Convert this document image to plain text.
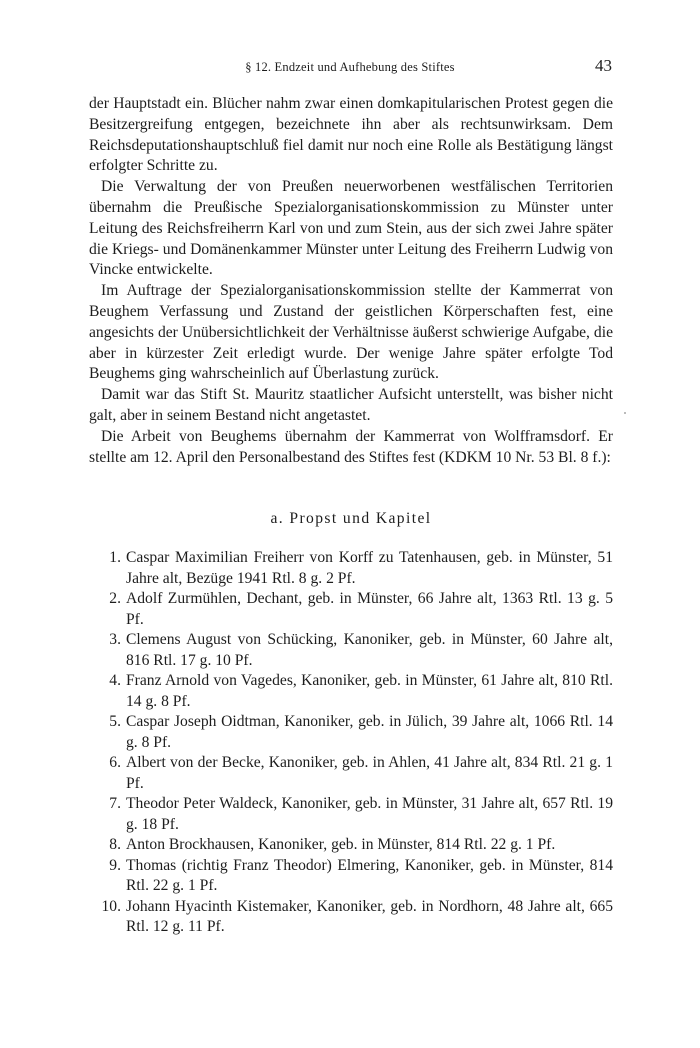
§ 12. Endzeit und Aufhebung des Stiftes	43

der Hauptstadt ein. Blücher nahm zwar einen domkapitularischen Protest gegen die Besitzergreifung entgegen, bezeichnete ihn aber als rechtsunwirksam. Dem Reichsdeputationshauptschluß fiel damit nur noch eine Rolle als Bestätigung längst erfolgter Schritte zu.

Die Verwaltung der von Preußen neuerworbenen westfälischen Territorien übernahm die Preußische Spezialorganisationskommission zu Münster unter Leitung des Reichsfreiherrn Karl von und zum Stein, aus der sich zwei Jahre später die Kriegs- und Domänenkammer Münster unter Leitung des Freiherrn Ludwig von Vincke entwickelte.

Im Auftrage der Spezialorganisationskommission stellte der Kammerrat von Beughem Verfassung und Zustand der geistlichen Körperschaften fest, eine angesichts der Unübersichtlichkeit der Verhältnisse äußerst schwierige Aufgabe, die aber in kürzester Zeit erledigt wurde. Der wenige Jahre später erfolgte Tod Beughems ging wahrscheinlich auf Überlastung zurück.

Damit war das Stift St. Mauritz staatlicher Aufsicht unterstellt, was bisher nicht galt, aber in seinem Bestand nicht angetastet.

Die Arbeit von Beughems übernahm der Kammerrat von Wolfframsdorf. Er stellte am 12. April den Personalbestand des Stiftes fest (KDKM 10 Nr. 53 Bl. 8 f.):

a. Propst und Kapitel
1. Caspar Maximilian Freiherr von Korff zu Tatenhausen, geb. in Münster, 51 Jahre alt, Bezüge 1941 Rtl. 8 g. 2 Pf.
2. Adolf Zurmühlen, Dechant, geb. in Münster, 66 Jahre alt, 1363 Rtl. 13 g. 5 Pf.
3. Clemens August von Schücking, Kanoniker, geb. in Münster, 60 Jahre alt, 816 Rtl. 17 g. 10 Pf.
4. Franz Arnold von Vagedes, Kanoniker, geb. in Münster, 61 Jahre alt, 810 Rtl. 14 g. 8 Pf.
5. Caspar Joseph Oidtman, Kanoniker, geb. in Jülich, 39 Jahre alt, 1066 Rtl. 14 g. 8 Pf.
6. Albert von der Becke, Kanoniker, geb. in Ahlen, 41 Jahre alt, 834 Rtl. 21 g. 1 Pf.
7. Theodor Peter Waldeck, Kanoniker, geb. in Münster, 31 Jahre alt, 657 Rtl. 19 g. 18 Pf.
8. Anton Brockhausen, Kanoniker, geb. in Münster, 814 Rtl. 22 g. 1 Pf.
9. Thomas (richtig Franz Theodor) Elmering, Kanoniker, geb. in Münster, 814 Rtl. 22 g. 1 Pf.
10. Johann Hyacinth Kistemaker, Kanoniker, geb. in Nordhorn, 48 Jahre alt, 665 Rtl. 12 g. 11 Pf.
